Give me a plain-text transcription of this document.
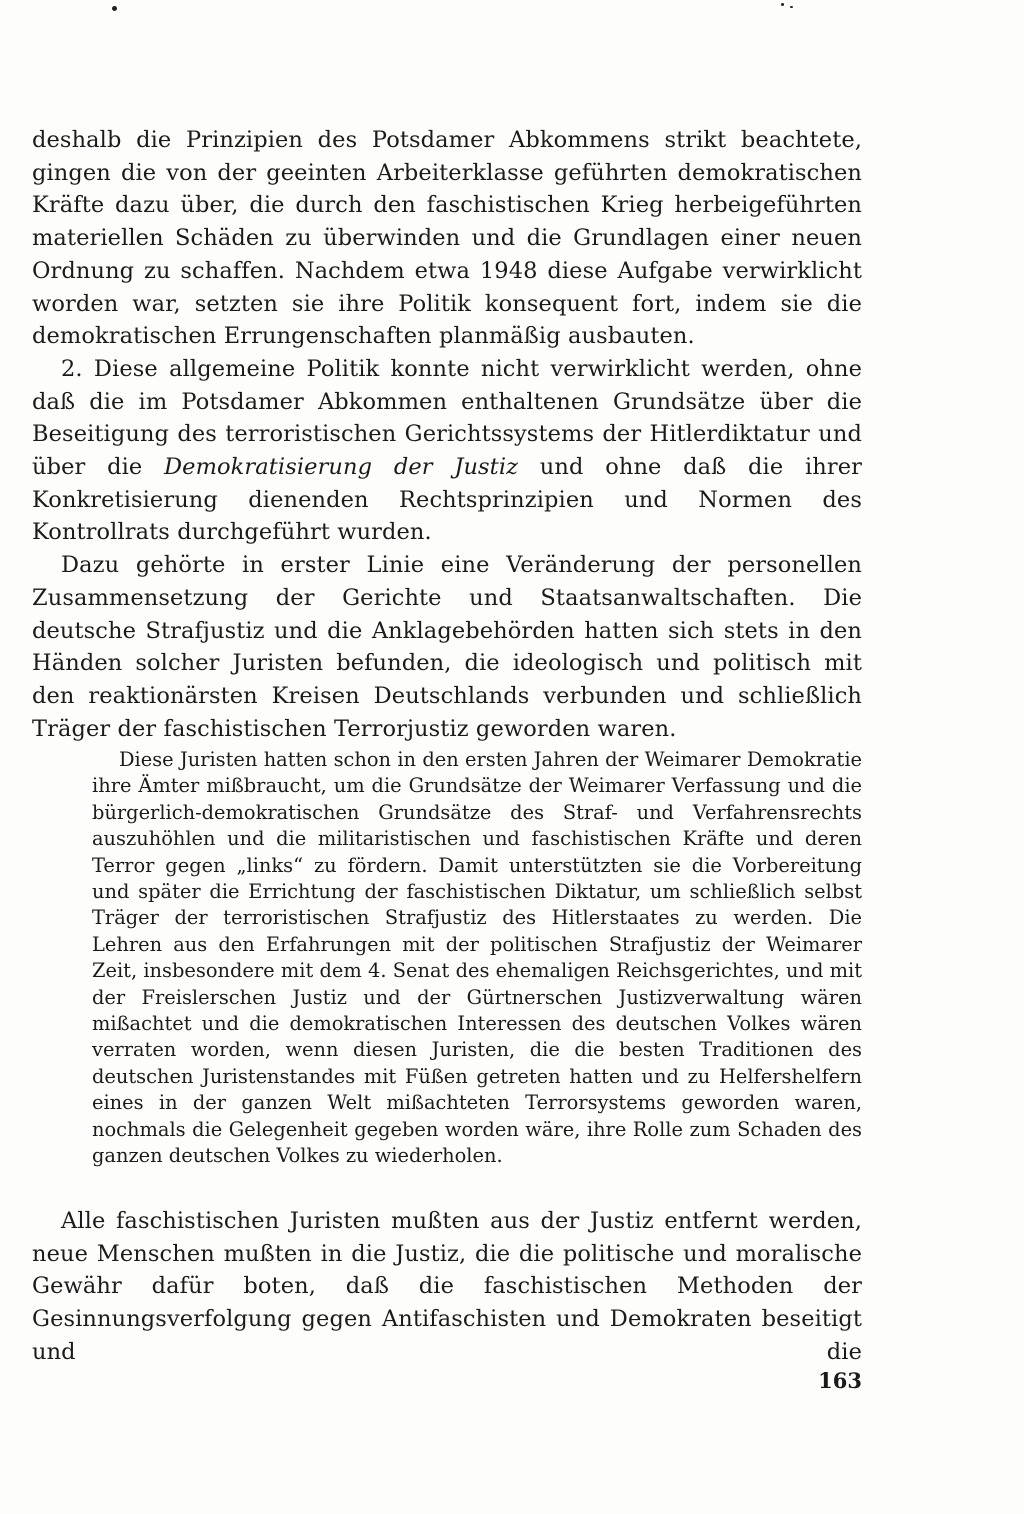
deshalb die Prinzipien des Potsdamer Abkommens strikt beachtete, gingen die von der geeinten Arbeiterklasse geführten demokratischen Kräfte dazu über, die durch den faschistischen Krieg herbeigeführten materiellen Schäden zu überwinden und die Grundlagen einer neuen Ordnung zu schaffen. Nachdem etwa 1948 diese Aufgabe verwirklicht worden war, setzten sie ihre Politik konsequent fort, indem sie die demokratischen Errungenschaften planmäßig ausbauten.

2. Diese allgemeine Politik konnte nicht verwirklicht werden, ohne daß die im Potsdamer Abkommen enthaltenen Grundsätze über die Beseitigung des terroristischen Gerichtssystems der Hitlerdiktatur und über die Demokratisierung der Justiz und ohne daß die ihrer Konkretisierung dienenden Rechtsprinzipien und Normen des Kontrollrats durchgeführt wurden.

Dazu gehörte in erster Linie eine Veränderung der personellen Zusammensetzung der Gerichte und Staatsanwaltschaften. Die deutsche Strafjustiz und die Anklagebehörden hatten sich stets in den Händen solcher Juristen befunden, die ideologisch und politisch mit den reaktionärsten Kreisen Deutschlands verbunden und schließlich Träger der faschistischen Terrorjustiz geworden waren.

Diese Juristen hatten schon in den ersten Jahren der Weimarer Demokratie ihre Ämter mißbraucht, um die Grundsätze der Weimarer Verfassung und die bürgerlich-demokratischen Grundsätze des Straf- und Verfahrensrechts auszuhöhlen und die militaristischen und faschistischen Kräfte und deren Terror gegen „links“ zu fördern. Damit unterstützten sie die Vorbereitung und später die Errichtung der faschistischen Diktatur, um schließlich selbst Träger der terroristischen Strafjustiz des Hitlerstaates zu werden. Die Lehren aus den Erfahrungen mit der politischen Strafjustiz der Weimarer Zeit, insbesondere mit dem 4. Senat des ehemaligen Reichsgerichtes, und mit der Freislerschen Justiz und der Gürtnerschen Justizverwaltung wären mißachtet und die demokratischen Interessen des deutschen Volkes wären verraten worden, wenn diesen Juristen, die die besten Traditionen des deutschen Juristenstandes mit Füßen getreten hatten und zu Helfershelfern eines in der ganzen Welt mißachteten Terrorsystems geworden waren, nochmals die Gelegenheit gegeben worden wäre, ihre Rolle zum Schaden des ganzen deutschen Volkes zu wiederholen.

Alle faschistischen Juristen mußten aus der Justiz entfernt werden, neue Menschen mußten in die Justiz, die die politische und moralische Gewähr dafür boten, daß die faschistischen Methoden der Gesinnungsverfolgung gegen Antifaschisten und Demokraten beseitigt und die

163
